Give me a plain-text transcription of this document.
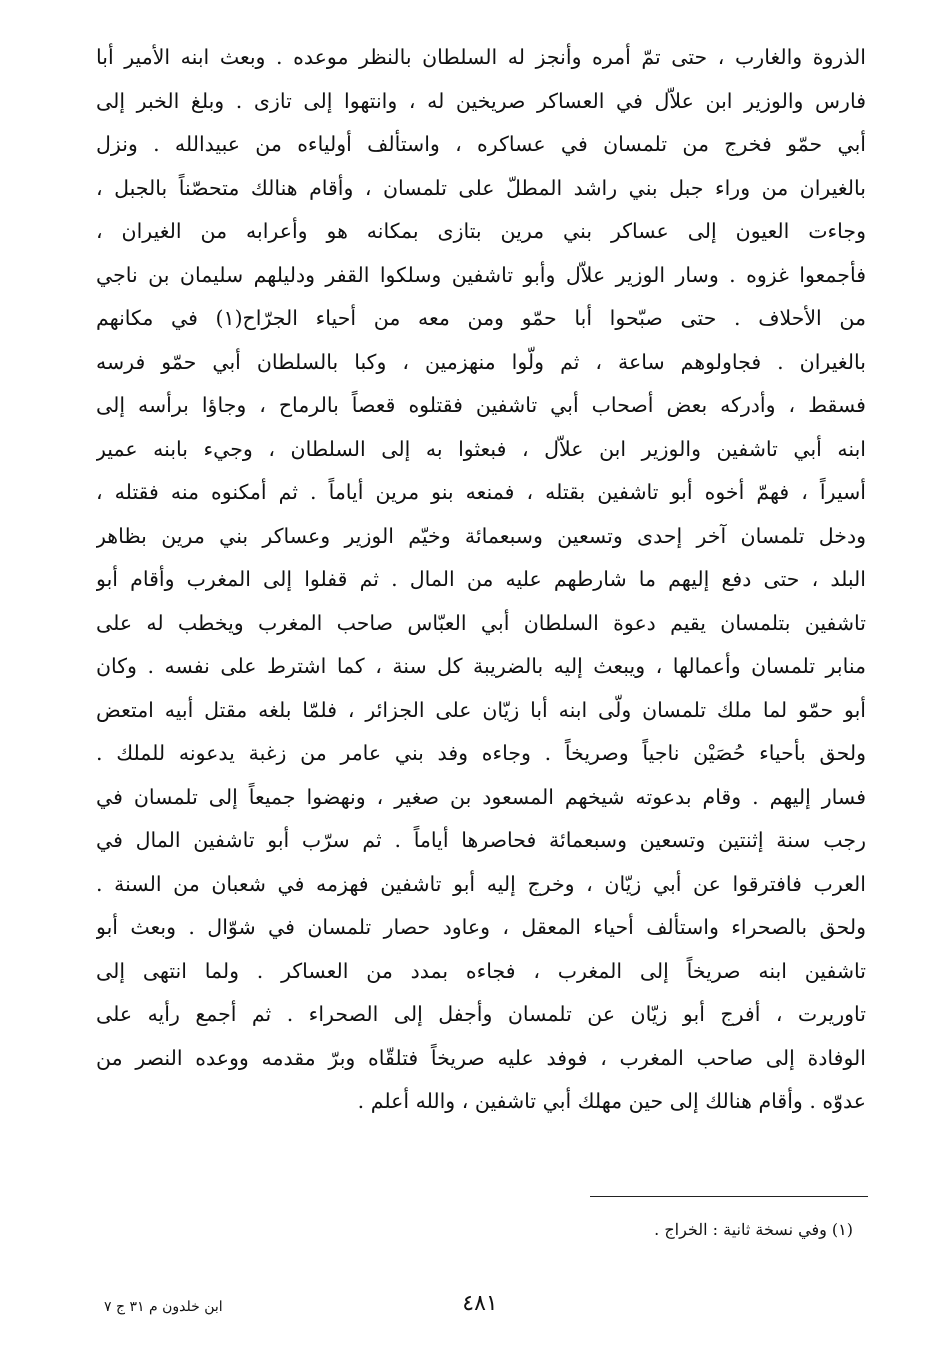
الذروة والغارب ، حتى تمّ أمره وأنجز له السلطان بالنظر موعده . وبعث ابنه الأمير أبا
فارس والوزير ابن علاّل في العساكر صريخين له ، وانتهوا إلى تازى . وبلغ الخبر إلى
أبي حمّو فخرج من تلمسان في عساكره ، واستألف أولياءه من عبيدالله . ونزل
بالغيران من وراء جبل بني راشد المطلّ على تلمسان ، وأقام هنالك متحصّناً بالجبل ،
وجاءت العيون إلى عساكر بني مرين بتازى بمكانه هو وأعرابه من الغيران ،
فأجمعوا غزوه . وسار الوزير علاّل وأبو تاشفين وسلكوا القفر ودليلهم سليمان بن ناجي
من الأحلاف . حتى صبّحوا أبا حمّو ومن معه من أحياء الجرّاح(١) في مكانهم
بالغيران . فجاولوهم ساعة ، ثم ولّوا منهزمين ، وكبا بالسلطان أبي حمّو فرسه
فسقط ، وأدركه بعض أصحاب أبي تاشفين فقتلوه قعصاً بالرماح ، وجاؤا برأسه إلى
ابنه أبي تاشفين والوزير ابن علاّل ، فبعثوا به إلى السلطان ، وجيء بابنه عمير
أسيراً ، فهمّ أخوه أبو تاشفين بقتله ، فمنعه بنو مرين أياماً . ثم أمكنوه منه فقتله ،
ودخل تلمسان آخر إحدى وتسعين وسبعمائة وخيّم الوزير وعساكر بني مرين بظاهر
البلد ، حتى دفع إليهم ما شارطهم عليه من المال . ثم قفلوا إلى المغرب وأقام أبو
تاشفين بتلمسان يقيم دعوة السلطان أبي العبّاس صاحب المغرب ويخطب له على
منابر تلمسان وأعمالها ، ويبعث إليه بالضريبة كل سنة ، كما اشترط على نفسه . وكان
أبو حمّو لما ملك تلمسان ولّى ابنه أبا زيّان على الجزائر ، فلمّا بلغه مقتل أبيه امتعض
ولحق بأحياء حُصَيْن ناجياً وصريخاً . وجاءه وفد بني عامر من زغبة يدعونه للملك .
فسار إليهم . وقام بدعوته شيخهم المسعود بن صغير ، ونهضوا جميعاً إلى تلمسان في
رجب سنة إثنتين وتسعين وسبعمائة فحاصرها أياماً . ثم سرّب أبو تاشفين المال في
العرب فافترقوا عن أبي زيّان ، وخرج إليه أبو تاشفين فهزمه في شعبان من السنة .
ولحق بالصحراء واستألف أحياء المعقل ، وعاود حصار تلمسان في شوّال . وبعث أبو
تاشفين ابنه صريخاً إلى المغرب ، فجاءه بمدد من العساكر . ولما انتهى إلى
تاوريرت ، أفرج أبو زيّان عن تلمسان وأجفل إلى الصحراء . ثم أجمع رأيه على
الوفادة إلى صاحب المغرب ، فوفد عليه صريخاً فتلقّاه وبرّ مقدمه ووعده النصر من
عدوّه . وأقام هنالك إلى حين مهلك أبي تاشفين ، والله أعلم .
(١) وفي نسخة ثانية : الخراج .
٤٨١
ابن خلدون م ٣١ ج ٧
